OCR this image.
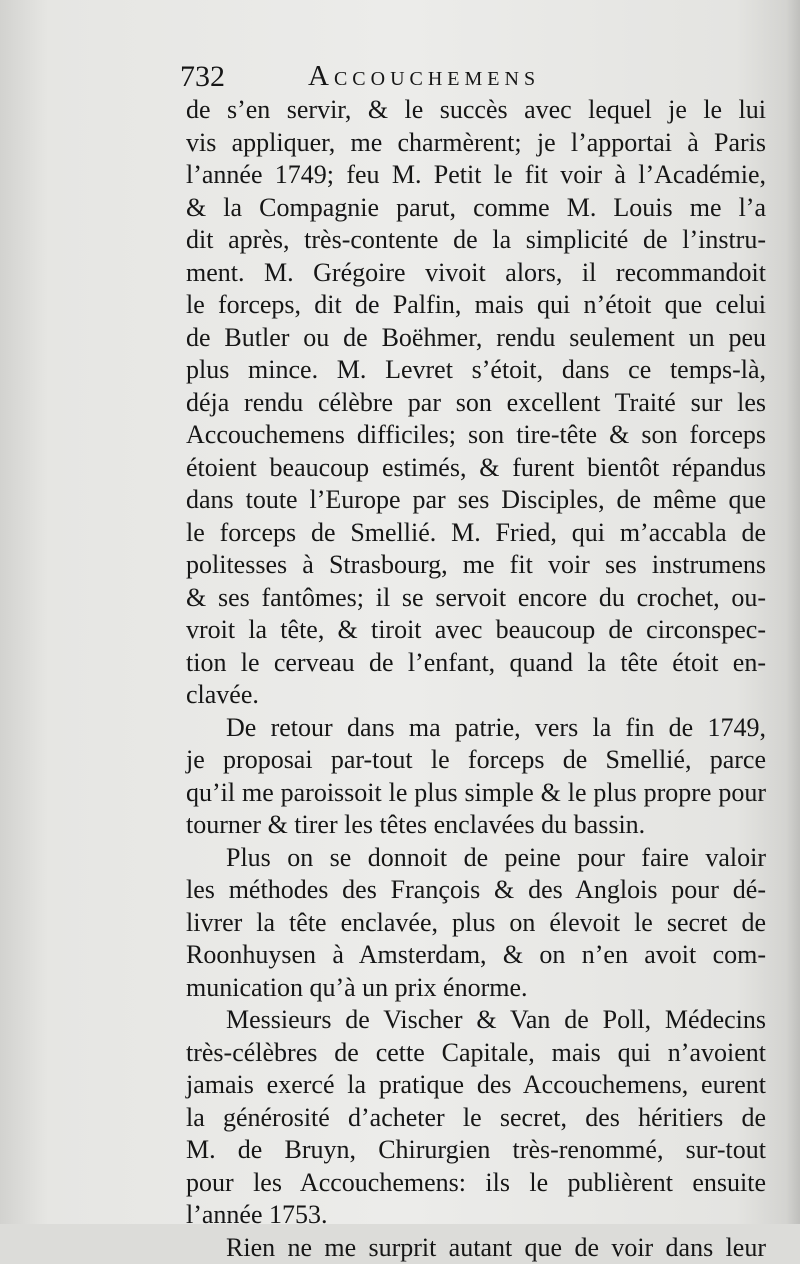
732	Accouchemens
de s’en servir, & le succès avec lequel je le lui
vis appliquer, me charmèrent; je l’apportai à Paris
l’année 1749; feu M. Petit le fit voir à l’Académie,
& la Compagnie parut, comme M. Louis me l’a
dit après, très-contente de la simplicité de l’instru-
ment. M. Grégoire vivoit alors, il recommandoit
le forceps, dit de Palfin, mais qui n’étoit que celui
de Butler ou de Boëhmer, rendu seulement un peu
plus mince. M. Levret s’étoit, dans ce temps-là,
déja rendu célèbre par son excellent Traité sur les
Accouchemens difficiles; son tire-tête & son forceps
étoient beaucoup estimés, & furent bientôt répandus
dans toute l’Europe par ses Disciples, de même que
le forceps de Smellié. M. Fried, qui m’accabla de
politesses à Strasbourg, me fit voir ses instrumens
& ses fantômes; il se servoit encore du crochet, ou-
vroit la tête, & tiroit avec beaucoup de circonspec-
tion le cerveau de l’enfant, quand la tête étoit en-
clavée.
De retour dans ma patrie, vers la fin de 1749,
je proposai par-tout le forceps de Smellié, parce
qu’il me paroissoit le plus simple & le plus propre pour
tourner & tirer les têtes enclavées du bassin.
Plus on se donnoit de peine pour faire valoir
les méthodes des François & des Anglois pour dé-
livrer la tête enclavée, plus on élevoit le secret de
Roonhuysen à Amsterdam, & on n’en avoit com-
munication qu’à un prix énorme.
Messieurs de Vischer & Van de Poll, Médecins
très-célèbres de cette Capitale, mais qui n’avoient
jamais exercé la pratique des Accouchemens, eurent
la générosité d’acheter le secret, des héritiers de
M. de Bruyn, Chirurgien très-renommé, sur-tout
pour les Accouchemens: ils le publièrent ensuite
l’année 1753.
Rien ne me surprit autant que de voir dans leur
